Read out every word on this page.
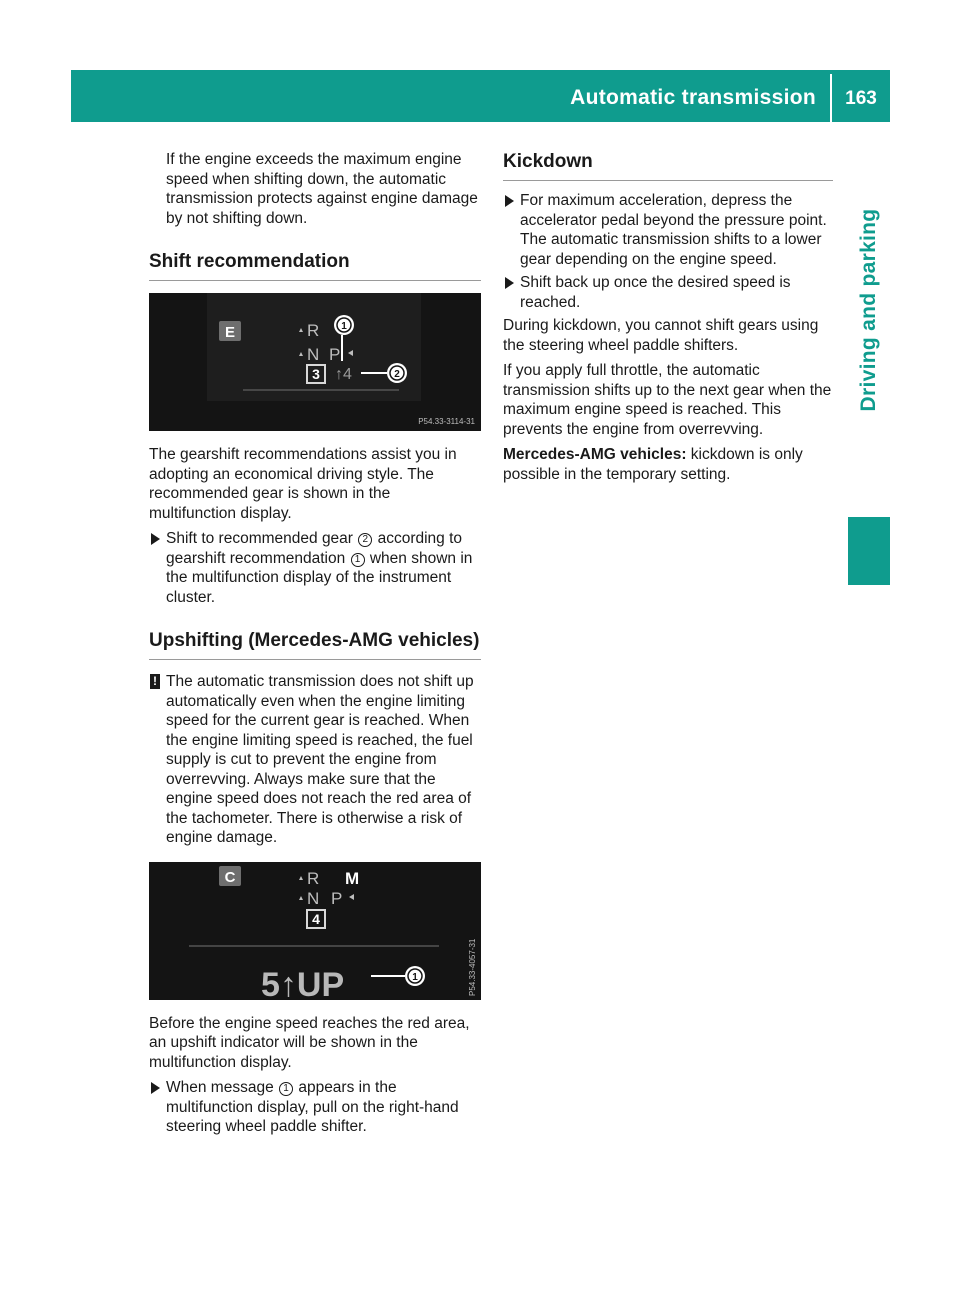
Automatic transmission	163
Driving and parking

If the engine exceeds the maximum engine speed when shifting down, the automatic transmission protects against engine damage by not shifting down.

Shift recommendation
E	R
N P
3 ↑4
1
2
P54.33-3114-31

The gearshift recommendations assist you in adopting an economical driving style. The recommended gear is shown in the multifunction display.

Shift to recommended gear 2 according to gearshift recommendation 1 when shown in the multifunction display of the instrument cluster.
Upshifting (Mercedes-AMG vehicles)
! The automatic transmission does not shift up automatically even when the engine limiting speed for the current gear is reached. When the engine limiting speed is reached, the fuel supply is cut to prevent the engine from overrevving. Always make sure that the engine speed does not reach the red area of the tachometer. There is otherwise a risk of engine damage.
C	R M
N P
4
5↑UP	1	P54.33-4057-31

Before the engine speed reaches the red area, an upshift indicator will be shown in the multifunction display.

When message 1 appears in the multifunction display, pull on the right-hand steering wheel paddle shifter.
Kickdown
For maximum acceleration, depress the accelerator pedal beyond the pressure point. The automatic transmission shifts to a lower gear depending on the engine speed.
Shift back up once the desired speed is reached.

During kickdown, you cannot shift gears using the steering wheel paddle shifters.

If you apply full throttle, the automatic transmission shifts up to the next gear when the maximum engine speed is reached. This prevents the engine from overrevving.

Mercedes-AMG vehicles: kickdown is only possible in the temporary setting.
